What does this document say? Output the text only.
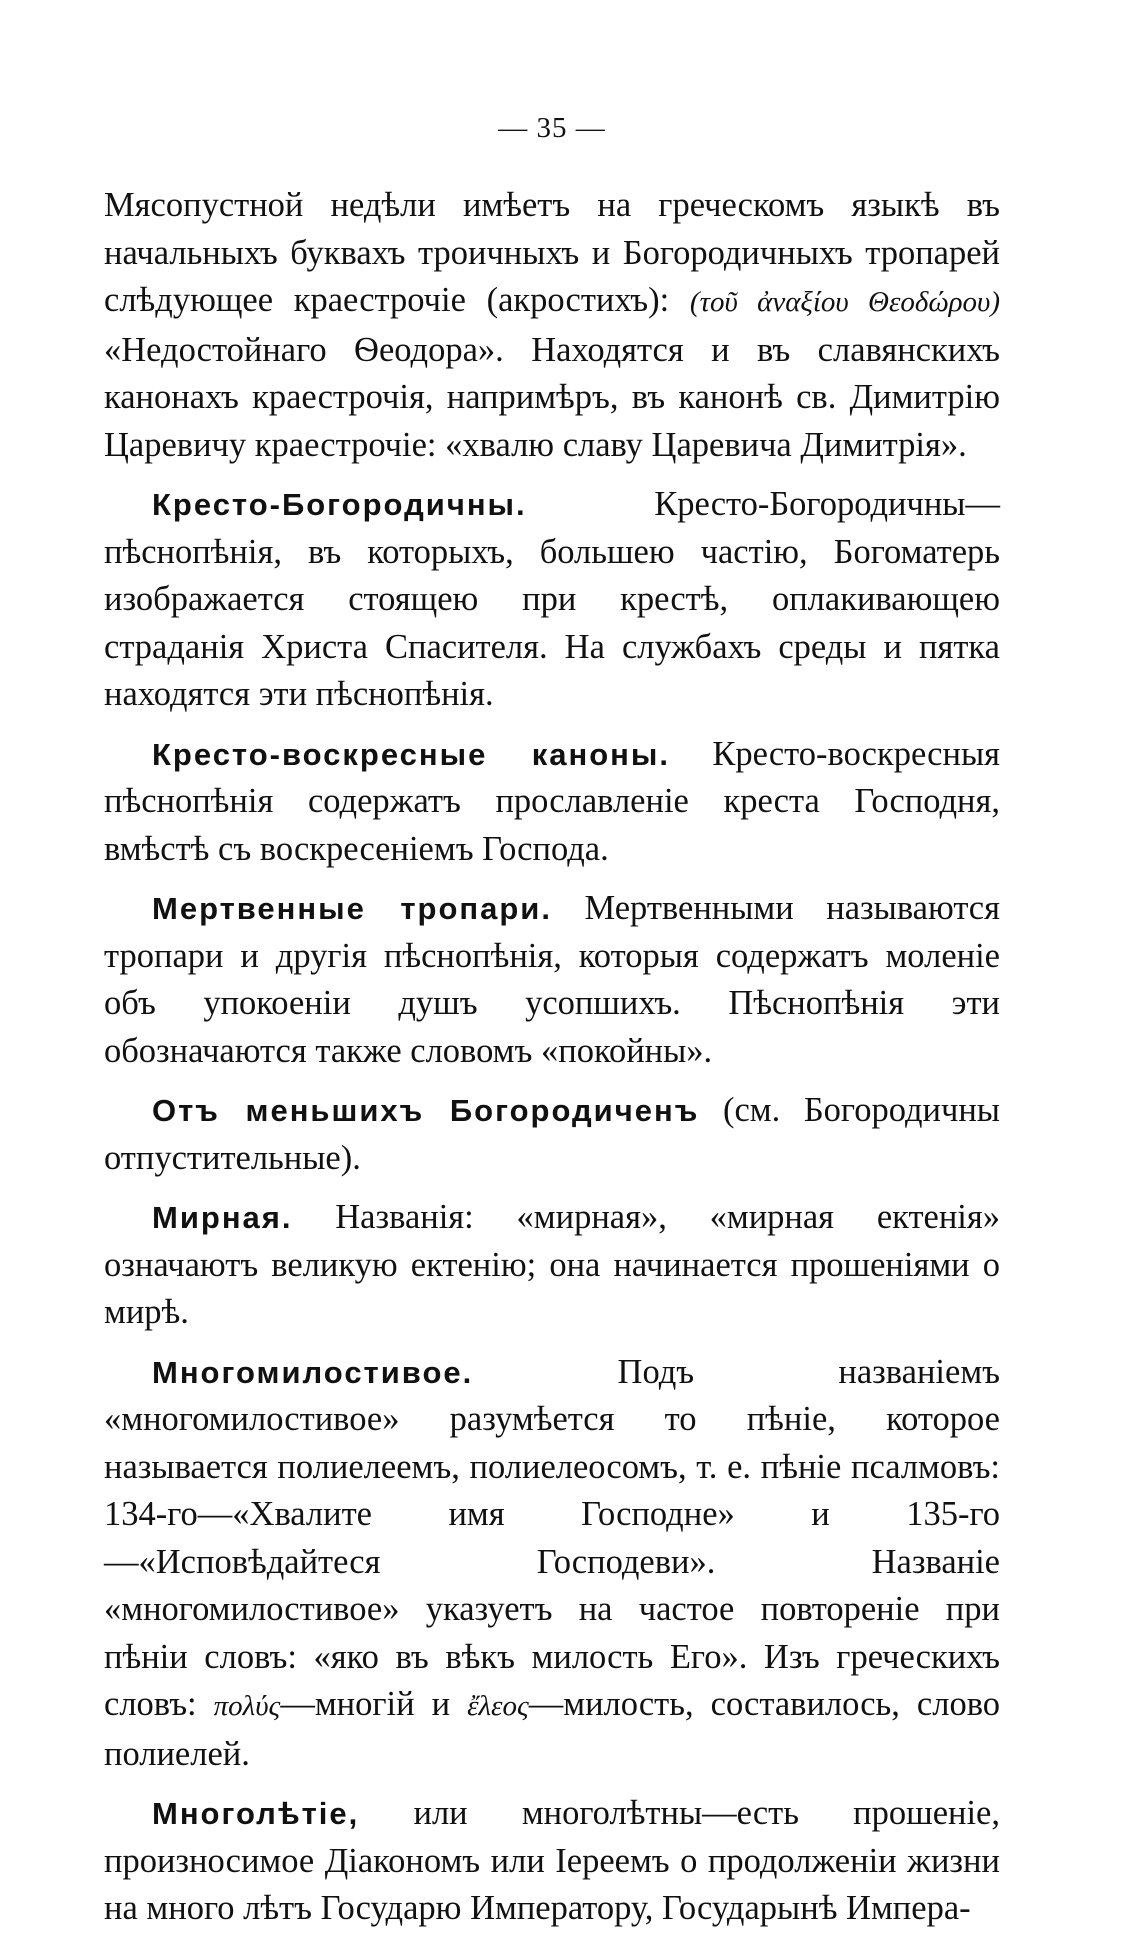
— 35 —

Мясопустной недѣли имѣетъ на греческомъ языкѣ въ начальныхъ буквахъ троичныхъ и Богородичныхъ тропарей слѣдующее краестрочіе (акростихъ): (τοῦ ἀναξίου Θεοδώρου) «Недостойнаго Ѳеодора». Находятся и въ славянскихъ канонахъ краестрочія, напримѣръ, въ канонѣ св. Димитрію Царевичу краестрочіе: «хвалю славу Царевича Димитрія».

Кресто-Богородичны. Кресто-Богородичны—пѣснопѣнія, въ которыхъ, большею частію, Богоматерь изображается стоящею при крестѣ, оплакивающею страданія Христа Спасителя. На службахъ среды и пятка находятся эти пѣснопѣнія.

Кресто-воскресные каноны. Кресто-воскресныя пѣснопѣнія содержатъ прославленіе креста Господня, вмѣстѣ съ воскресеніемъ Господа.

Мертвенные тропари. Мертвенными называются тропари и другія пѣснопѣнія, которыя содержатъ моленіе объ упокоеніи душъ усопшихъ. Пѣснопѣнія эти обозначаются также словомъ «покойны».

Отъ меньшихъ Богородиченъ (см. Богородичны отпустительные).

Мирная. Названія: «мирная», «мирная ектенія» означаютъ великую ектенію; она начинается прошеніями о мирѣ.

Многомилостивое. Подъ названіемъ «многомилостивое» разумѣется то пѣніе, которое называется полиелеемъ, полиелеосомъ, т. е. пѣніе псалмовъ: 134-го—«Хвалите имя Господне» и 135-го—«Исповѣдайтеся Господеви». Названіе «многомилостивое» указуетъ на частое повтореніе при пѣніи словъ: «яко въ вѣкъ милость Его». Изъ греческихъ словъ: πολύς—многій и ἔλεος—милость, составилось, слово полиелей.

Многолѣтіе, или многолѣтны—есть прошеніе, произносимое Діакономъ или Іереемъ о продолженіи жизни на много лѣтъ Государю Императору, Государынѣ Импера-
